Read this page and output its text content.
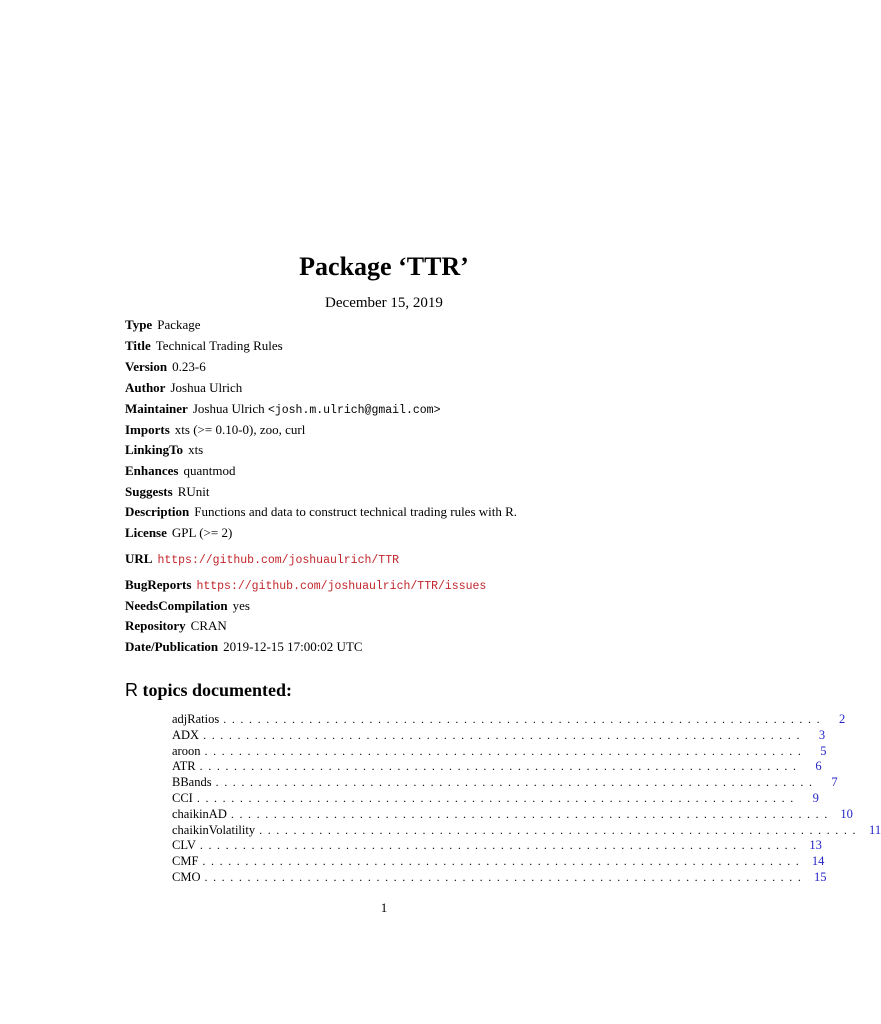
Package ‘TTR’
December 15, 2019
Type Package
Title Technical Trading Rules
Version 0.23-6
Author Joshua Ulrich
Maintainer Joshua Ulrich <josh.m.ulrich@gmail.com>
Imports xts (>= 0.10-0), zoo, curl
LinkingTo xts
Enhances quantmod
Suggests RUnit
Description Functions and data to construct technical trading rules with R.
License GPL (>= 2)
URL https://github.com/joshuaulrich/TTR
BugReports https://github.com/joshuaulrich/TTR/issues
NeedsCompilation yes
Repository CRAN
Date/Publication 2019-12-15 17:00:02 UTC
R topics documented:
adjRatios ......................................................................	2
ADX ......................................................................	3
aroon ......................................................................	5
ATR ......................................................................	6
BBands ......................................................................	7
CCI ......................................................................	9
chaikinAD ...................................................................... 10
chaikinVolatility ...................................................................... 11
CLV ...................................................................... 13
CMF ...................................................................... 14
CMO ...................................................................... 15
1
